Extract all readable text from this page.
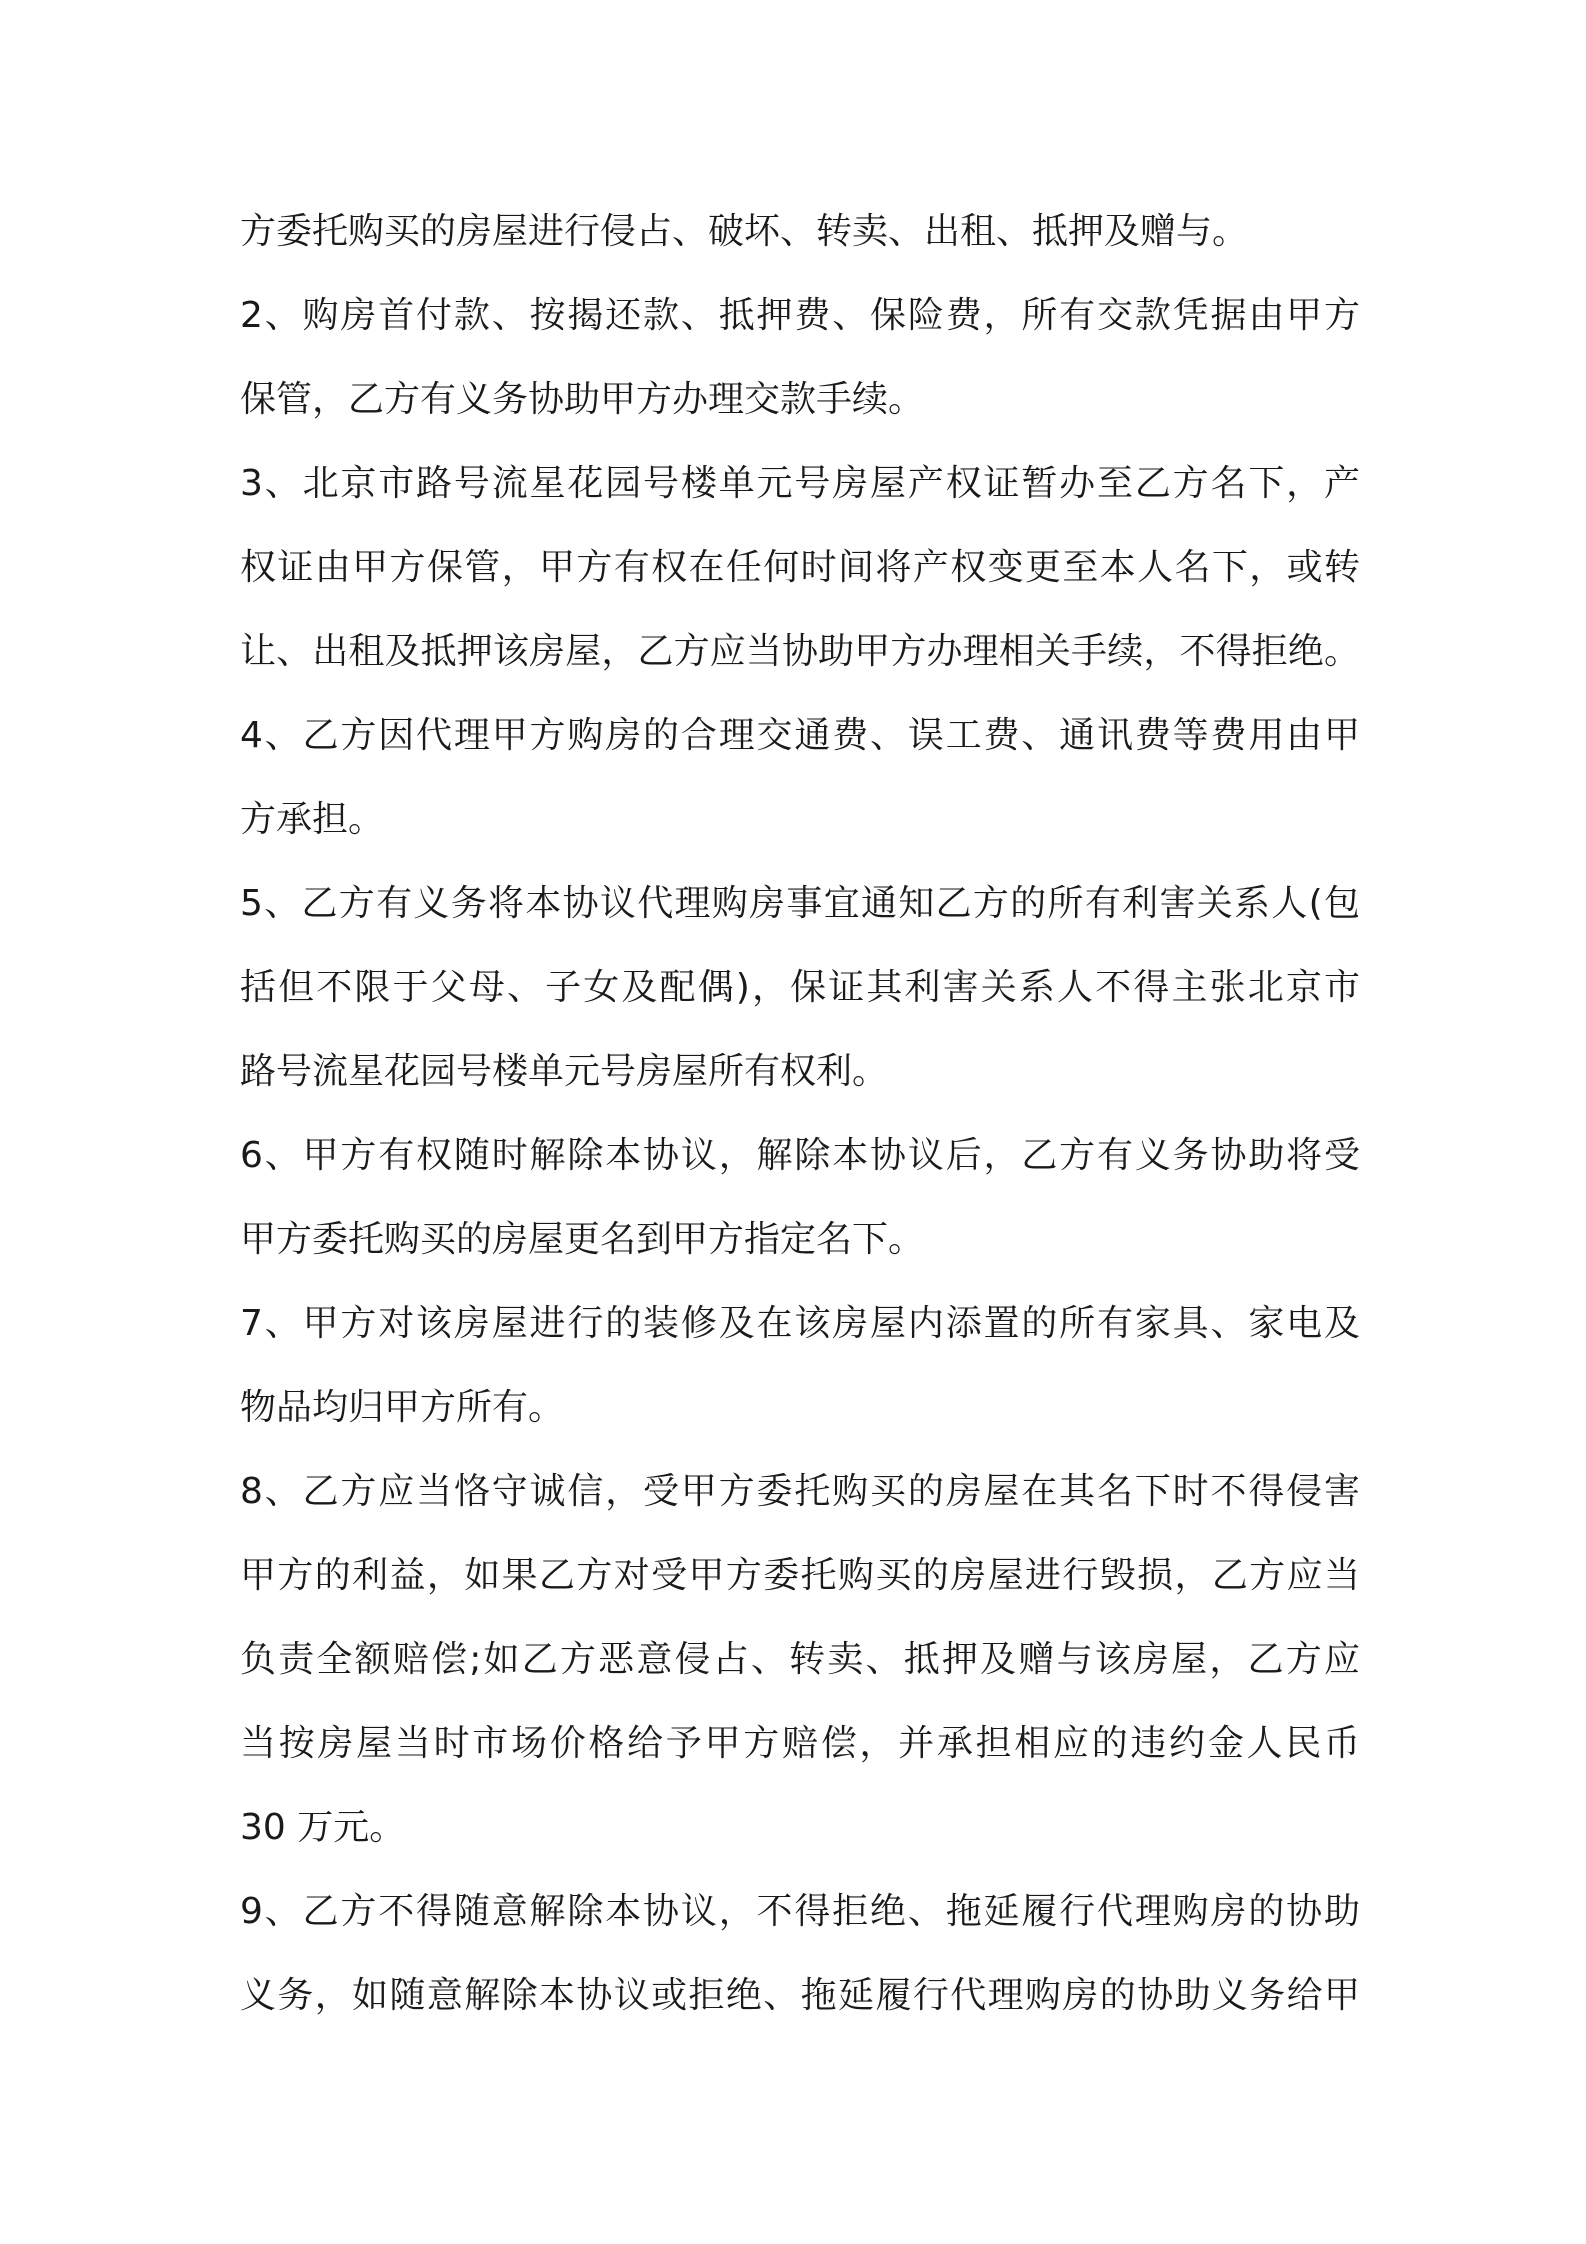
方委托购买的房屋进行侵占、破坏、转卖、出租、抵押及赠与。
2、购房首付款、按揭还款、抵押费、保险费，所有交款凭据由甲方
保管，乙方有义务协助甲方办理交款手续。
3、北京市路号流星花园号楼单元号房屋产权证暂办至乙方名下，产
权证由甲方保管，甲方有权在任何时间将产权变更至本人名下，或转
让、出租及抵押该房屋，乙方应当协助甲方办理相关手续，不得拒绝。
4、乙方因代理甲方购房的合理交通费、误工费、通讯费等费用由甲
方承担。
5、乙方有义务将本协议代理购房事宜通知乙方的所有利害关系人(包
括但不限于父母、子女及配偶)，保证其利害关系人不得主张北京市
路号流星花园号楼单元号房屋所有权利。
6、甲方有权随时解除本协议，解除本协议后，乙方有义务协助将受
甲方委托购买的房屋更名到甲方指定名下。
7、甲方对该房屋进行的装修及在该房屋内添置的所有家具、家电及
物品均归甲方所有。
8、乙方应当恪守诚信，受甲方委托购买的房屋在其名下时不得侵害
甲方的利益，如果乙方对受甲方委托购买的房屋进行毁损，乙方应当
负责全额赔偿;如乙方恶意侵占、转卖、抵押及赠与该房屋，乙方应
当按房屋当时市场价格给予甲方赔偿，并承担相应的违约金人民币
30 万元。
9、乙方不得随意解除本协议，不得拒绝、拖延履行代理购房的协助
义务，如随意解除本协议或拒绝、拖延履行代理购房的协助义务给甲
